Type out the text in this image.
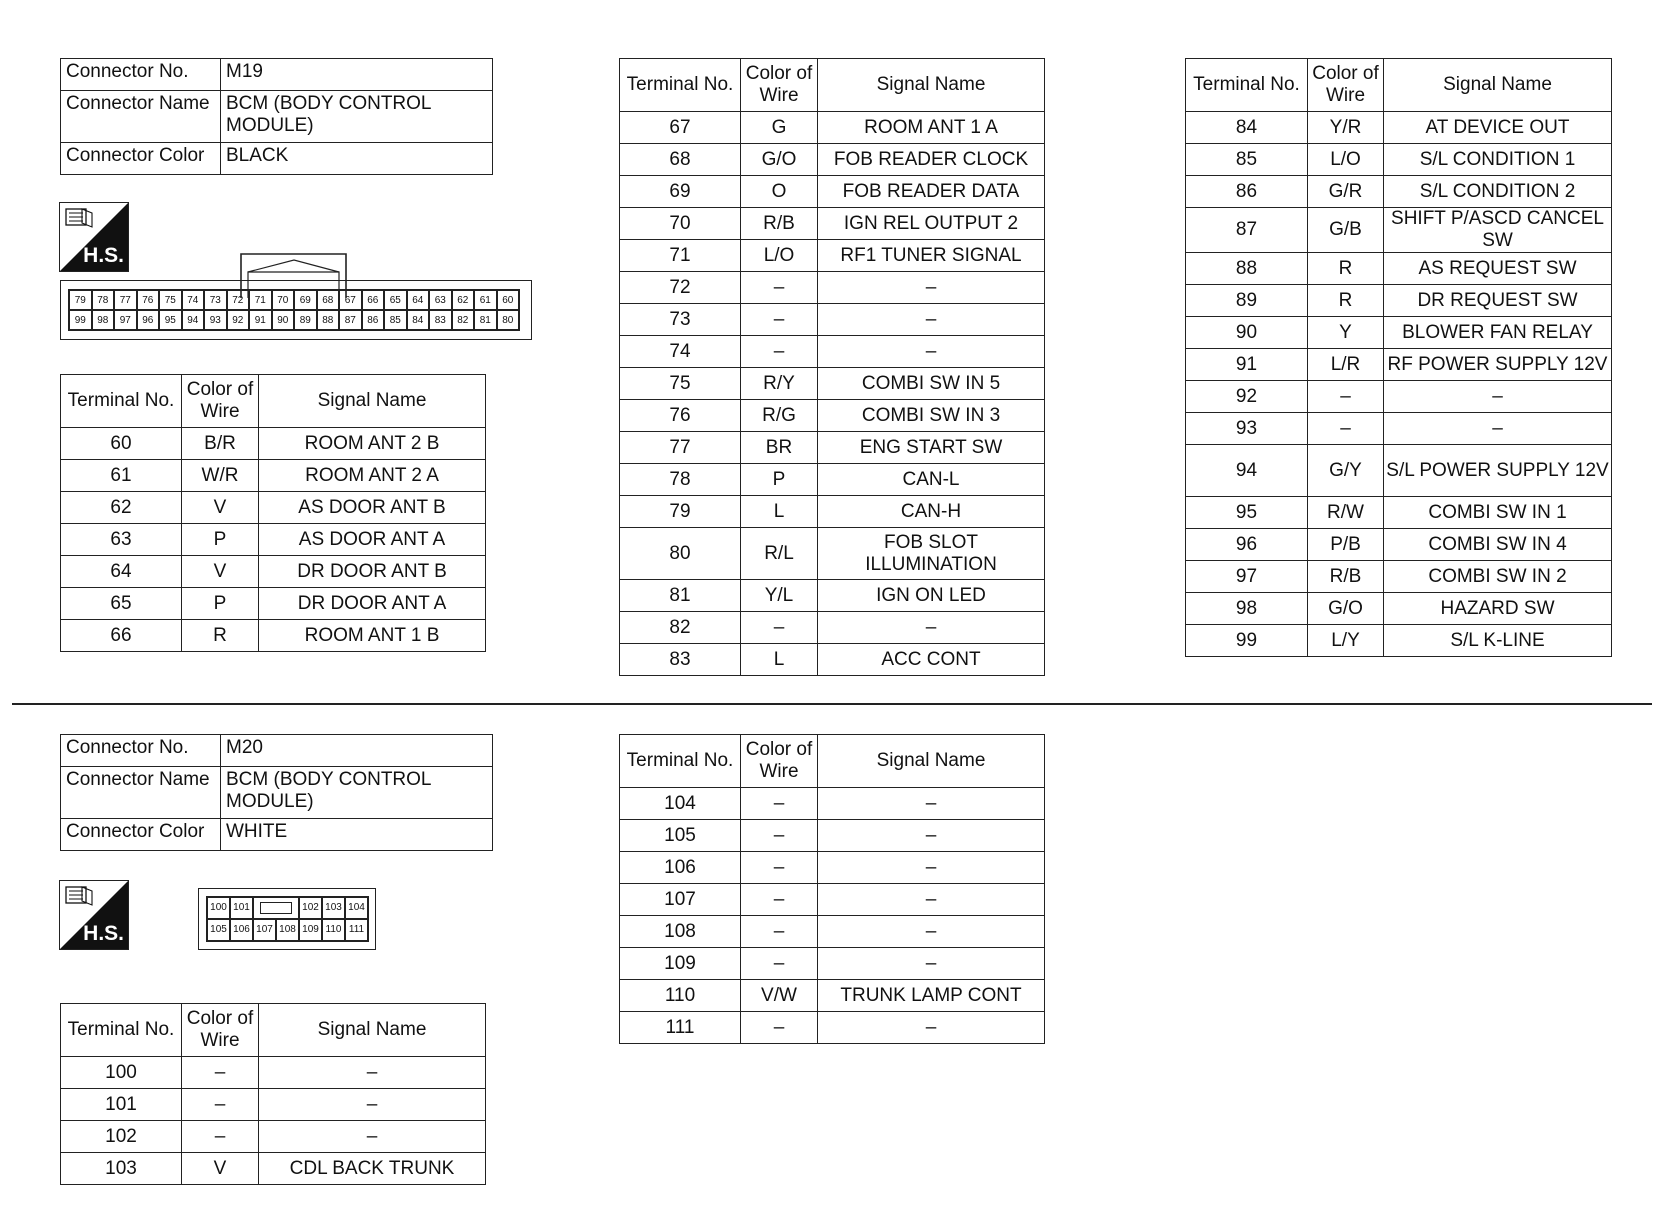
Connector No.	M19
Connector Name	BCM (BODY CONTROL MODULE)
Connector Color	BLACK
H.S.
79	78	77	76	75	74	73	72	71	70	69	68	67	66	65	64	63	62	61	60
99	98	97	96	95	94	93	92	91	90	89	88	87	86	85	84	83	82	81	80
Terminal No.	Color of Wire	Signal Name
60	B/R	ROOM ANT 2 B
61	W/R	ROOM ANT 2 A
62	V	AS DOOR ANT B
63	P	AS DOOR ANT A
64	V	DR DOOR ANT B
65	P	DR DOOR ANT A
66	R	ROOM ANT 1 B
Terminal No.	Color of Wire	Signal Name
67	G	ROOM ANT 1 A
68	G/O	FOB READER CLOCK
69	O	FOB READER DATA
70	R/B	IGN REL OUTPUT 2
71	L/O	RF1 TUNER SIGNAL
72	–	–
73	–	–
74	–	–
75	R/Y	COMBI SW IN 5
76	R/G	COMBI SW IN 3
77	BR	ENG START SW
78	P	CAN-L
79	L	CAN-H
80	R/L	FOB SLOT ILLUMINATION
81	Y/L	IGN ON LED
82	–	–
83	L	ACC CONT
Terminal No.	Color of Wire	Signal Name
84	Y/R	AT DEVICE OUT
85	L/O	S/L CONDITION 1
86	G/R	S/L CONDITION 2
87	G/B	SHIFT P/ASCD CANCEL SW
88	R	AS REQUEST SW
89	R	DR REQUEST SW
90	Y	BLOWER FAN RELAY
91	L/R	RF POWER SUPPLY 12V
92	–	–
93	–	–
94	G/Y	S/L POWER SUPPLY 12V
95	R/W	COMBI SW IN 1
96	P/B	COMBI SW IN 4
97	R/B	COMBI SW IN 2
98	G/O	HAZARD SW
99	L/Y	S/L K-LINE
Connector No.	M20
Connector Name	BCM (BODY CONTROL MODULE)
Connector Color	WHITE
H.S.
100 101	102 103 104
105 106 107 108 109 110 111
Terminal No.	Color of Wire	Signal Name
100	–	–
101	–	–
102	–	–
103	V	CDL BACK TRUNK
Terminal No.	Color of Wire	Signal Name
104	–	–
105	–	–
106	–	–
107	–	–
108	–	–
109	–	–
110	V/W	TRUNK LAMP CONT
111	–	–
